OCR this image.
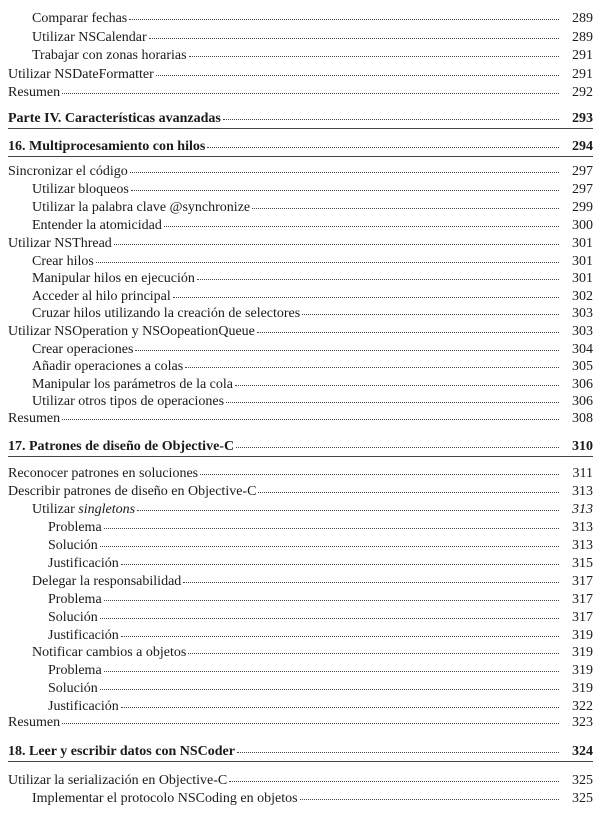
Comparar fechas	289
Utilizar NSCalendar	289
Trabajar con zonas horarias	291
Utilizar NSDateFormatter	291
Resumen	292
Parte IV. Características avanzadas	293
16. Multiprocesamiento con hilos	294
Sincronizar el código	297
Utilizar bloqueos	297
Utilizar la palabra clave @synchronize	299
Entender la atomicidad	300
Utilizar NSThread	301
Crear hilos	301
Manipular hilos en ejecución	301
Acceder al hilo principal	302
Cruzar hilos utilizando la creación de selectores	303
Utilizar NSOperation y NSOopeationQueue	303
Crear operaciones	304
Añadir operaciones a colas	305
Manipular los parámetros de la cola	306
Utilizar otros tipos de operaciones	306
Resumen	308
17. Patrones de diseño de Objective-C	310
Reconocer patrones en soluciones	311
Describir patrones de diseño en Objective-C	313
Utilizar singletons	313
Problema	313
Solución	313
Justificación	315
Delegar la responsabilidad	317
Problema	317
Solución	317
Justificación	319
Notificar cambios a objetos	319
Problema	319
Solución	319
Justificación	322
Resumen	323
18. Leer y escribir datos con NSCoder	324
Utilizar la serialización en Objective-C	325
Implementar el protocolo NSCoding en objetos	325
